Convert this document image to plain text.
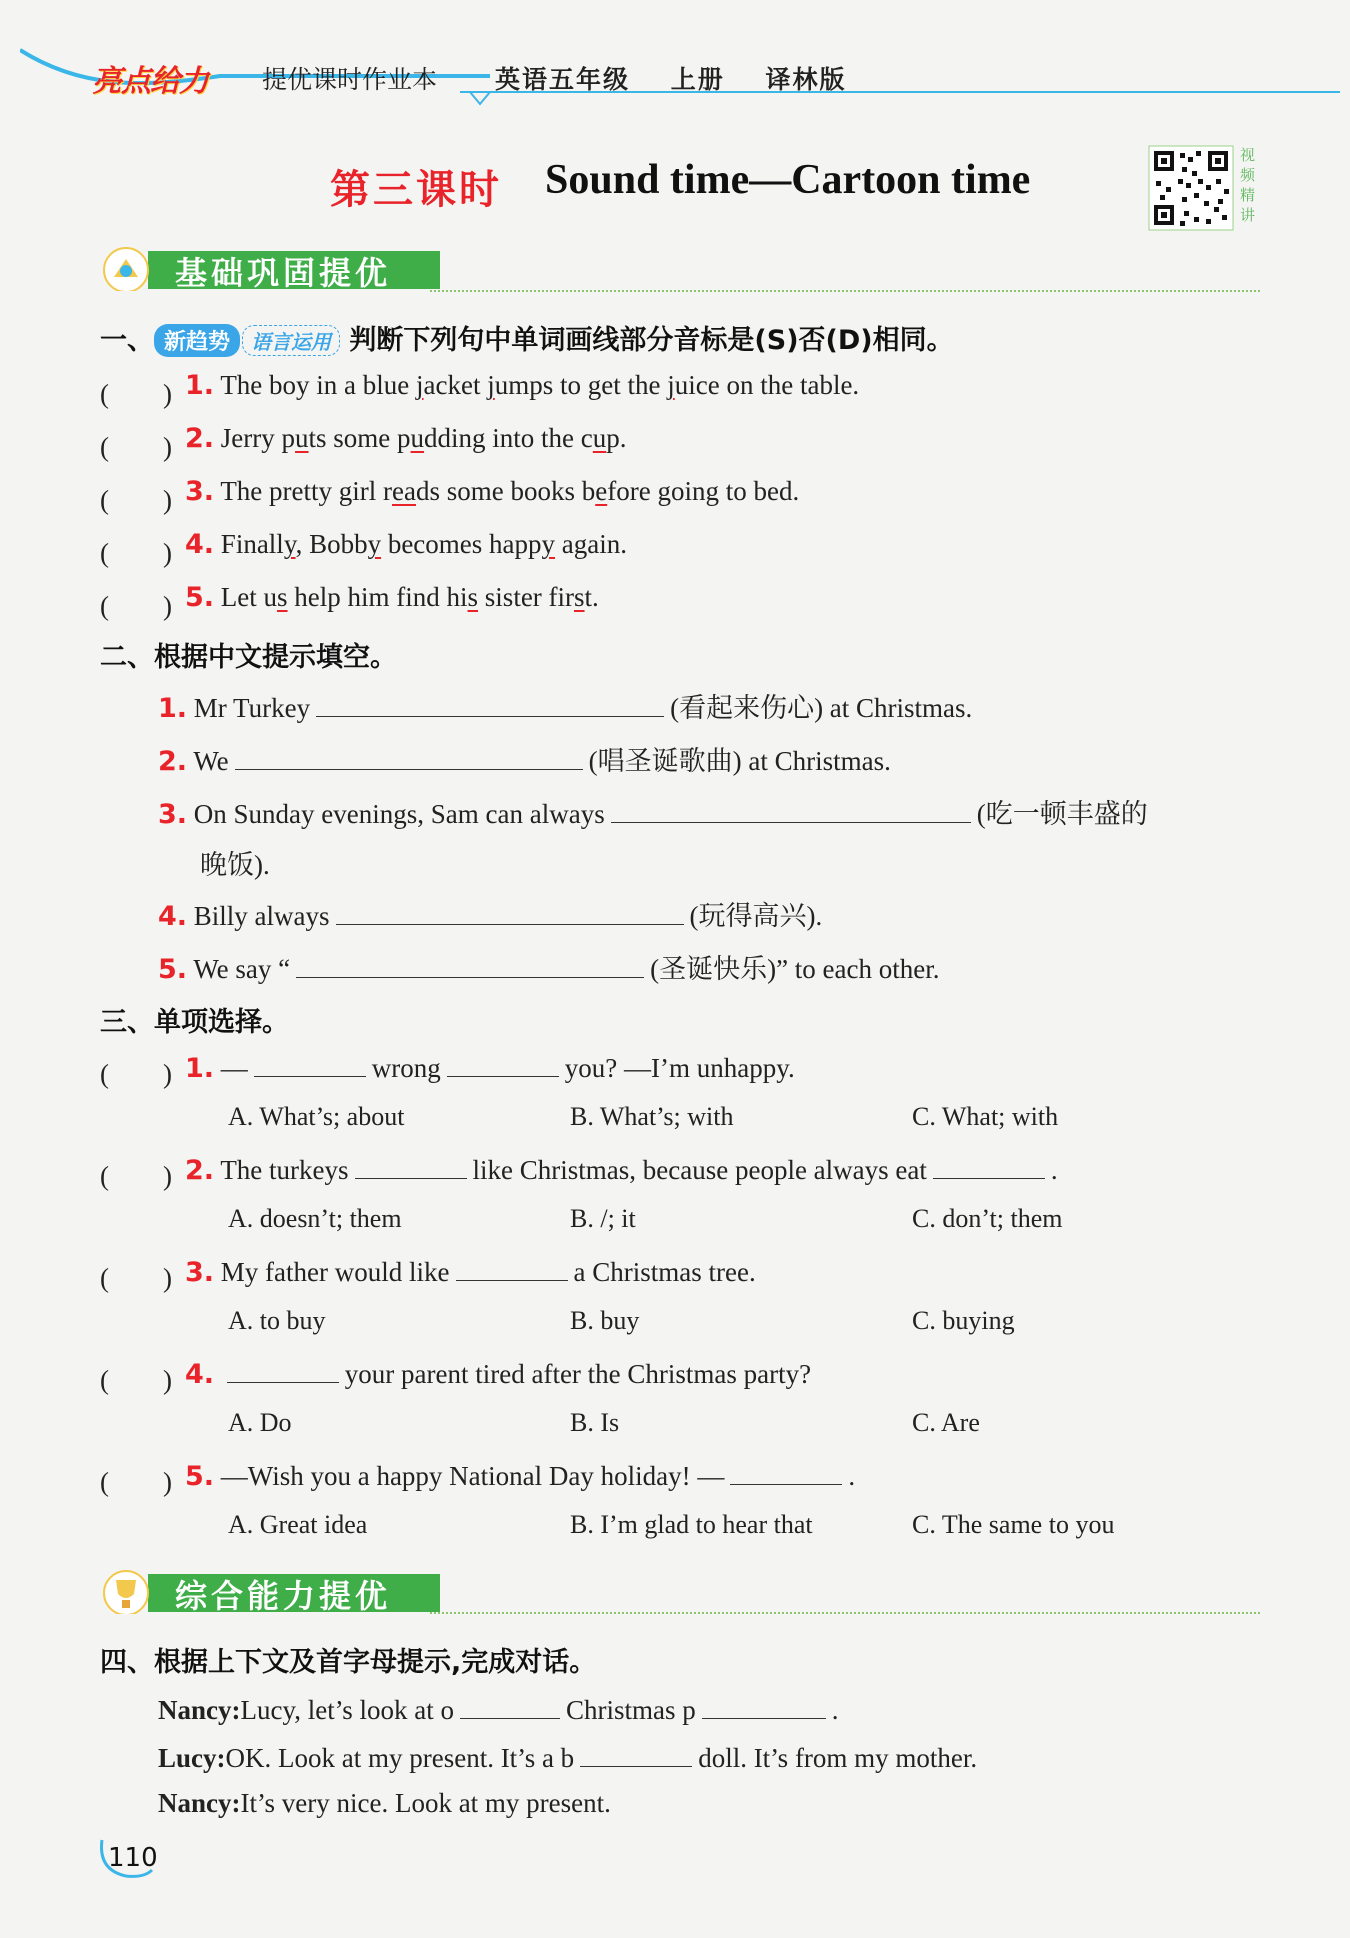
亮点给力 提优课时作业本 英语五年级 上册 译林版
第三课时 Sound time—Cartoon time
视频精讲
基础巩固提优
一、 新趋势 语言运用 判断下列句中单词画线部分音标是(S)否(D)相同。
(　　) 1. The boy in a blue jacket jumps to get the juice on the table.
(　　) 2. Jerry puts some pudding into the cup.
(　　) 3. The pretty girl reads some books before going to bed.
(　　) 4. Finally, Bobby becomes happy again.
(　　) 5. Let us help him find his sister first.
二、根据中文提示填空。
1. Mr Turkey	(看起来伤心) at Christmas.
2. We	(唱圣诞歌曲) at Christmas.
3. On Sunday evenings, Sam can always	(吃一顿丰盛的
晚饭).
4. Billy always	(玩得高兴).
5. We say “	(圣诞快乐)” to each other.
三、单项选择。
(　　) 1. —	wrong	you? —I’m unhappy.
A. What’s; about	B. What’s; with	C. What; with
(　　) 2. The turkeys	like Christmas, because people always eat	.
A. doesn’t; them	B. /; it	C. don’t; them
(　　) 3. My father would like	a Christmas tree.
A. to buy	B. buy	C. buying
(　　) 4.	your parent tired after the Christmas party?
A. Do	B. Is	C. Are
(　　) 5. —Wish you a happy National Day holiday! —	.
A. Great idea	B. I’m glad to hear that	C. The same to you
综合能力提优
四、根据上下文及首字母提示,完成对话。
Nancy:Lucy, let’s look at o	Christmas p	.
Lucy:OK. Look at my present. It’s a b	doll. It’s from my mother.
Nancy:It’s very nice. Look at my present.
110
